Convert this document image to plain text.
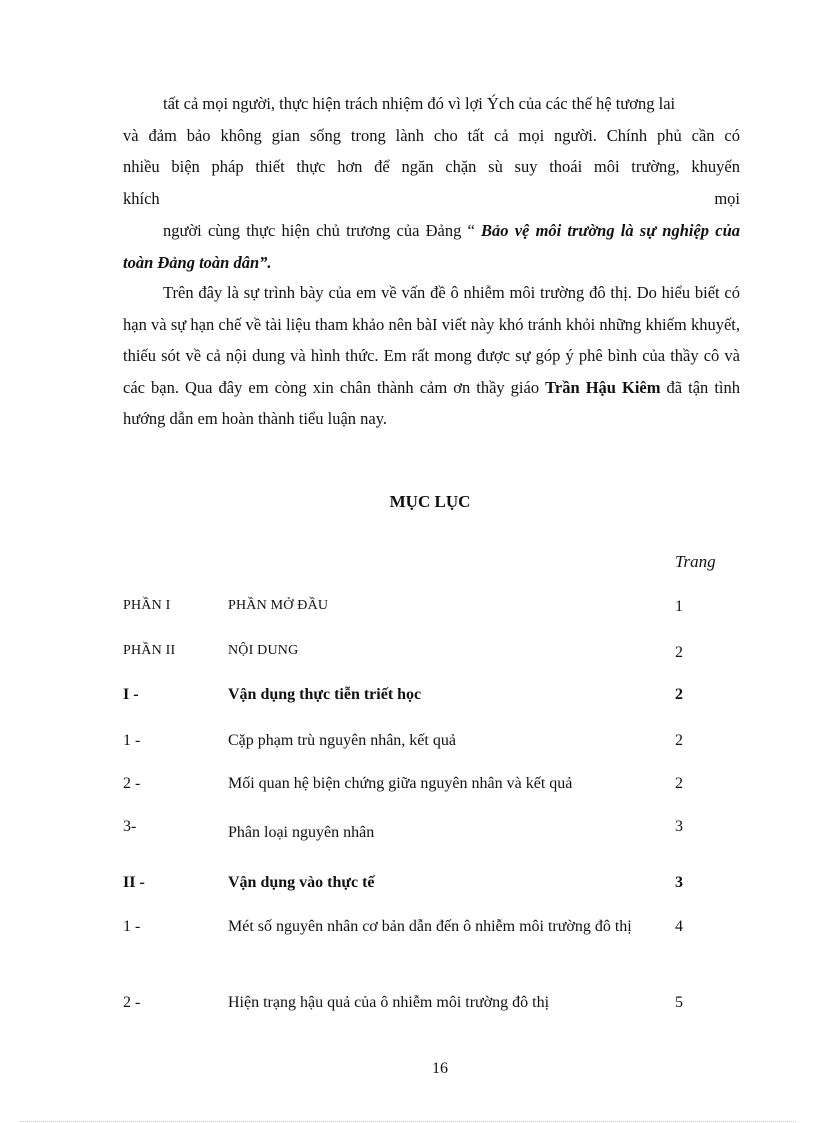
tất cả mọi người, thực hiện trách nhiệm đó vì lợi Ých của các thế hệ tương lai
và đảm bảo không gian sống trong lành cho tất cả mọi người. Chính phủ cần có
nhiều biện pháp thiết thực hơn để ngăn chặn sù suy thoái môi trường, khuyến
khích	mọi

người cùng thực hiện chủ trương của Đảng “ Bảo vệ môi trường là sự nghiệp của toàn Đảng toàn dân”.

Trên đây là sự trình bày của em về vấn đề ô nhiễm môi trường đô thị. Do hiểu biết có hạn và sự hạn chế về tài liệu tham khảo nên bàI viết này khó tránh khỏi những khiếm khuyết, thiếu sót về cả nội dung và hình thức. Em rất mong được sự góp ý phê bình của thầy cô và các bạn. Qua đây em còng xin chân thành cảm ơn thầy giáo Trần Hậu Kiêm đã tận tình hướng dẫn em hoàn thành tiểu luận nay.

MỤC LỤC
Trang
PHẦN I	PHẦN MỞ ĐẦU	1
PHẦN II	NỘI DUNG	2
I -	Vận dụng thực tiễn triết học	2
1 -	Cặp phạm trù nguyên nhân, kết quả	2
2 -	Mối quan hệ biện chứng giữa nguyên nhân và kết quả	2
3-	Phân loại nguyên nhân	3
II -	Vận dụng vào thực tế	3
1 -	Mét số nguyên nhân cơ bản dẫn đến ô nhiễm môi trường đô thị	4
2 -	Hiện trạng hậu quả của ô nhiễm môi trường đô thị	5
16
